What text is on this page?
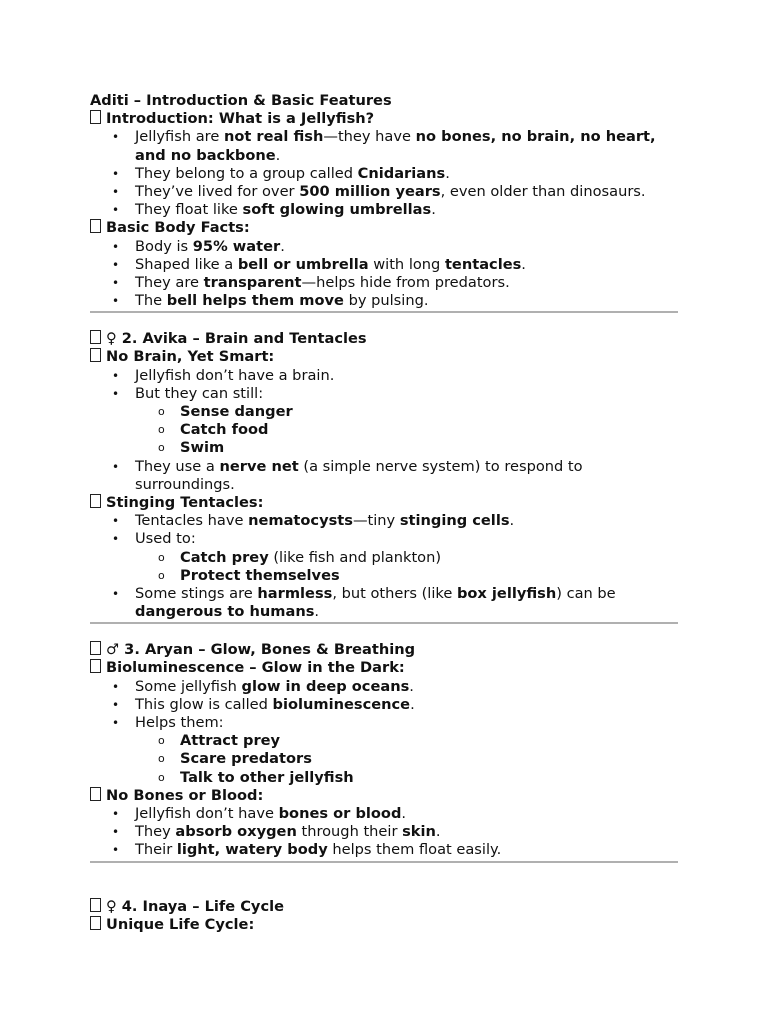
Aditi – Introduction & Basic Features
Introduction: What is a Jellyfish?
• Jellyfish are not real fish—they have no bones, no brain, no heart,
and no backbone.
• They belong to a group called Cnidarians.
• They’ve lived for over 500 million years, even older than dinosaurs.
• They float like soft glowing umbrellas.
Basic Body Facts:
• Body is 95% water.
• Shaped like a bell or umbrella with long tentacles.
• They are transparent—helps hide from predators.
• The bell helps them move by pulsing.
♀ 2. Avika – Brain and Tentacles
No Brain, Yet Smart:
• Jellyfish don’t have a brain.
• But they can still:
o Sense danger
o Catch food
o Swim
• They use a nerve net (a simple nerve system) to respond to
surroundings.
Stinging Tentacles:
• Tentacles have nematocysts—tiny stinging cells.
• Used to:
o Catch prey (like fish and plankton)
o Protect themselves
• Some stings are harmless, but others (like box jellyfish) can be
dangerous to humans.
♂ 3. Aryan – Glow, Bones & Breathing
Bioluminescence – Glow in the Dark:
• Some jellyfish glow in deep oceans.
• This glow is called bioluminescence.
• Helps them:
o Attract prey
o Scare predators
o Talk to other jellyfish
No Bones or Blood:
• Jellyfish don’t have bones or blood.
• They absorb oxygen through their skin.
• Their light, watery body helps them float easily.
♀ 4. Inaya – Life Cycle
Unique Life Cycle:
